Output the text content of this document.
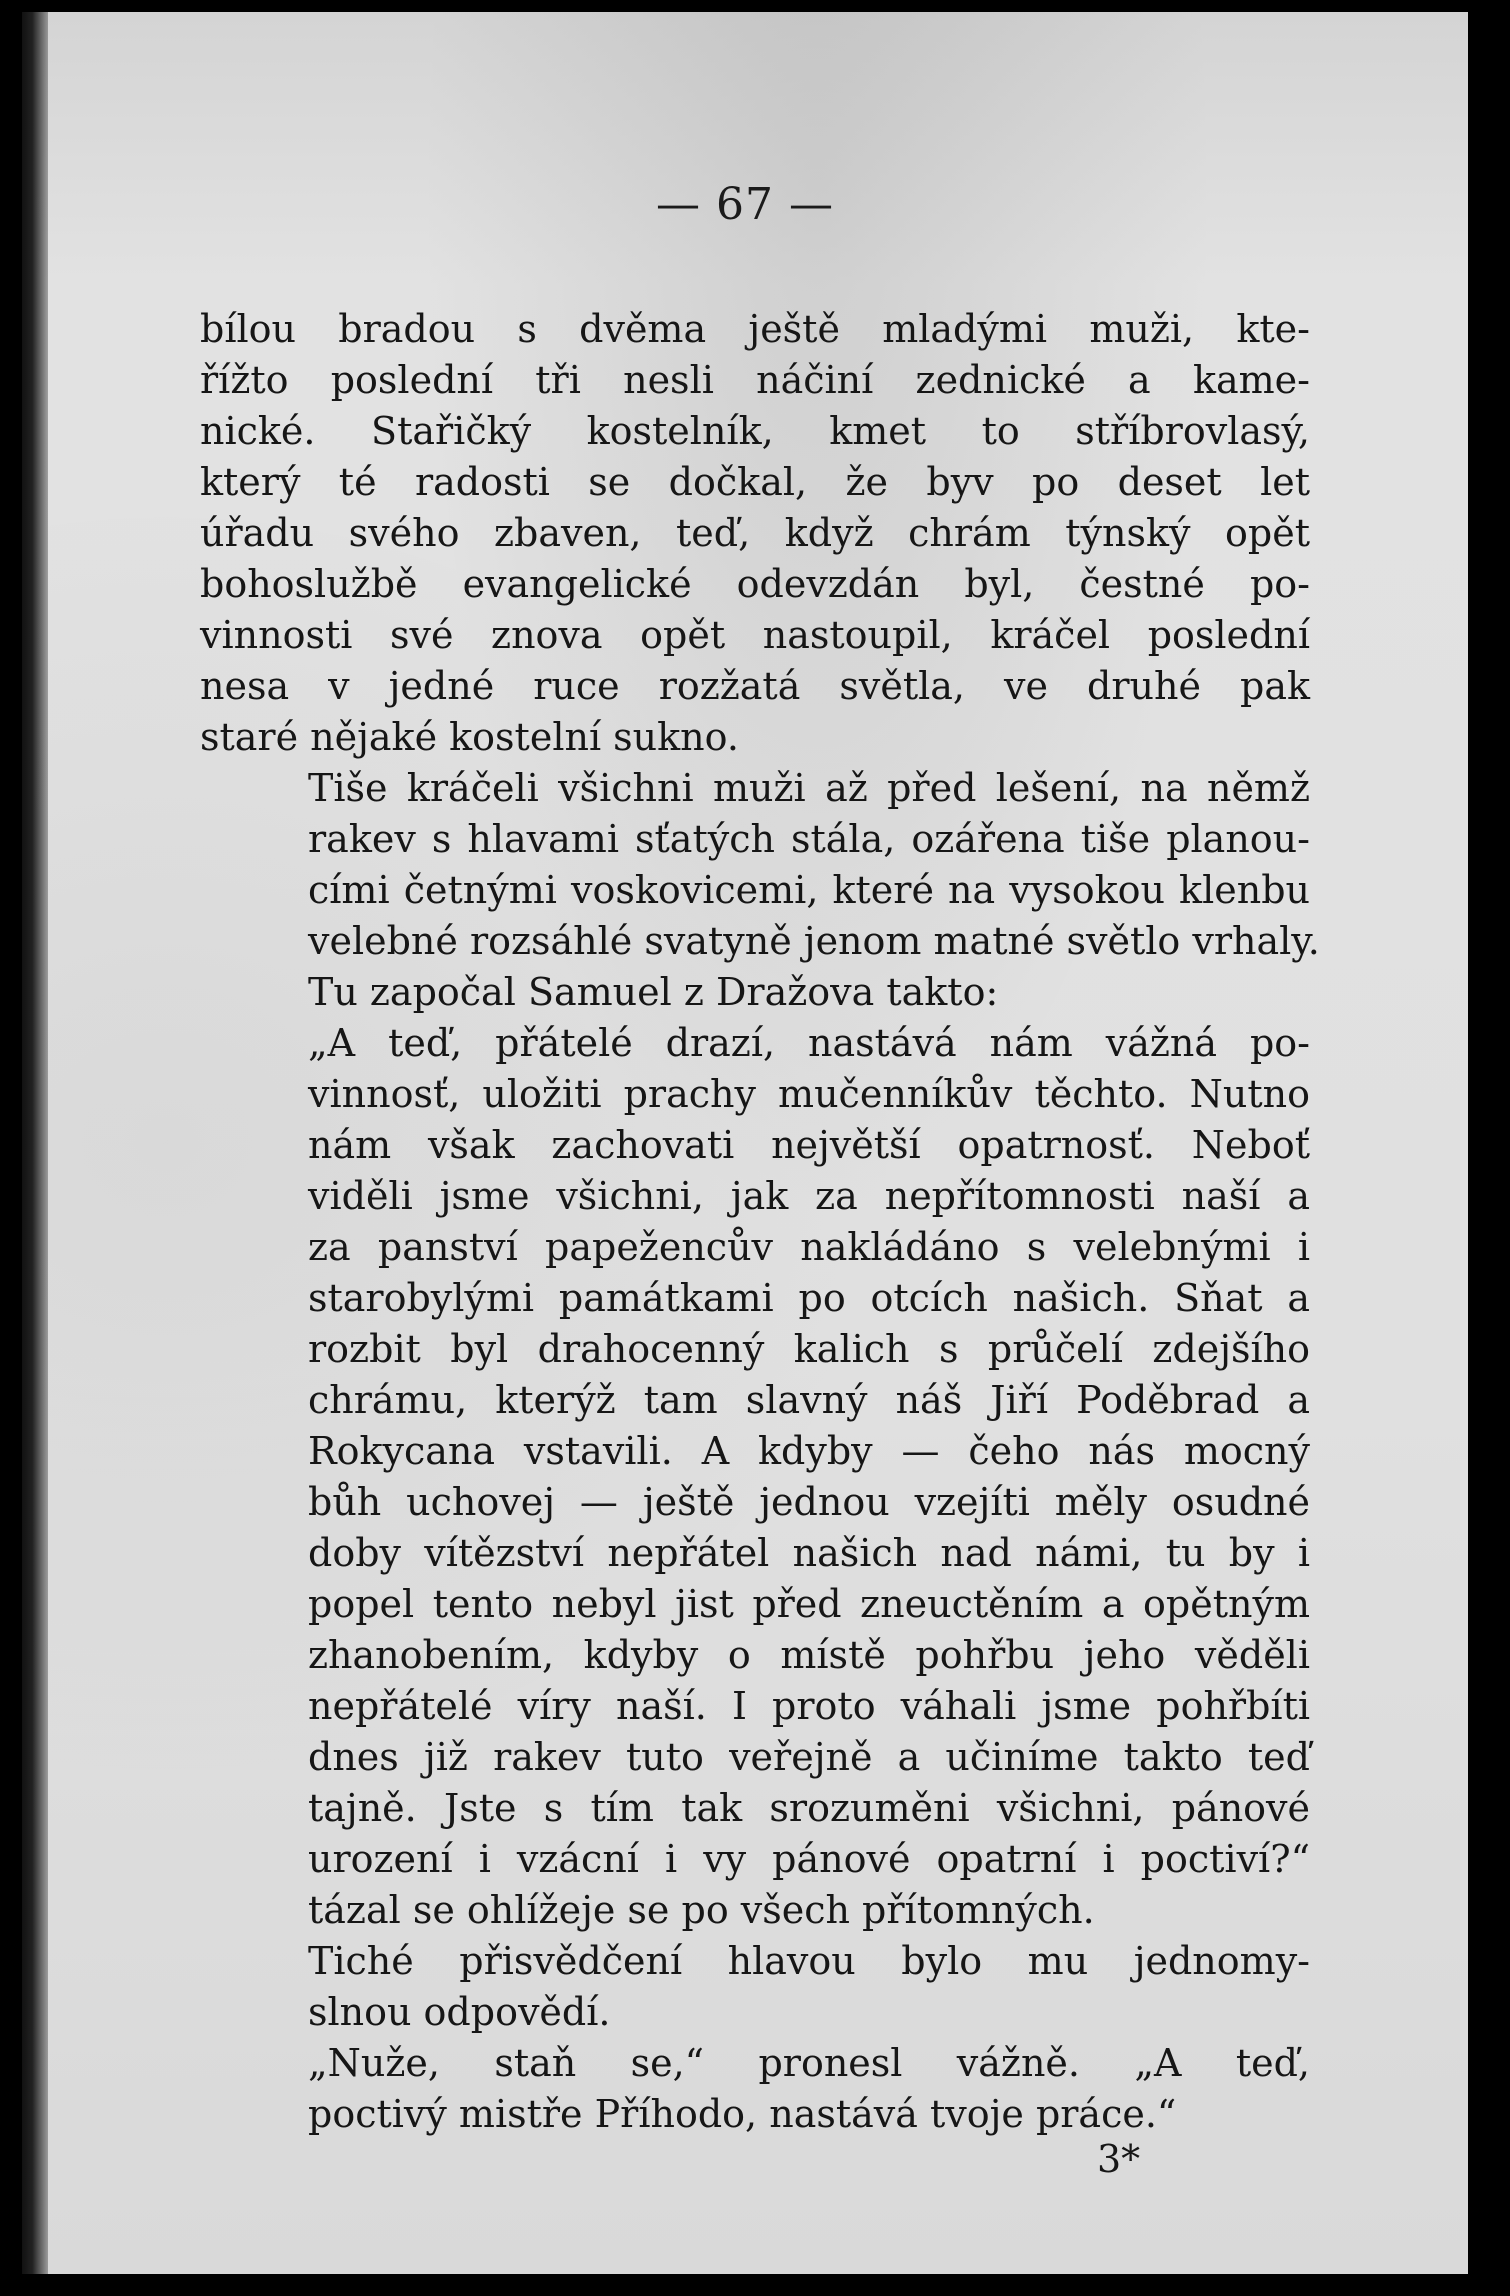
— 67 —

bílou bradou s dvěma ještě mladými muži, kte-
řížto poslední tři nesli náčiní zednické a kame-
nické. Stařičký kostelník, kmet to stříbrovlasý,
který té radosti se dočkal, že byv po deset let
úřadu svého zbaven, teď, když chrám týnský opět
bohoslužbě evangelické odevzdán byl, čestné po-
vinnosti své znova opět nastoupil, kráčel poslední
nesa v jedné ruce rozžatá světla, ve druhé pak
staré nějaké kostelní sukno.

Tiše kráčeli všichni muži až před lešení, na němž
rakev s hlavami sťatých stála, ozářena tiše planou-
cími četnými voskovicemi, které na vysokou klenbu
velebné rozsáhlé svatyně jenom matné světlo vrhaly.

Tu započal Samuel z Dražova takto:

„A teď, přátelé drazí, nastává nám vážná po-
vinnosť, uložiti prachy mučenníkův těchto. Nutno
nám však zachovati největší opatrnosť. Neboť
viděli jsme všichni, jak za nepřítomnosti naší a
za panství papežencův nakládáno s velebnými i
starobylými památkami po otcích našich. Sňat a
rozbit byl drahocenný kalich s průčelí zdejšího
chrámu, kterýž tam slavný náš Jiří Poděbrad a
Rokycana vstavili. A kdyby — čeho nás mocný
bůh uchovej — ještě jednou vzejíti měly osudné
doby vítězství nepřátel našich nad námi, tu by i
popel tento nebyl jist před zneuctěním a opětným
zhanobením, kdyby o místě pohřbu jeho věděli
nepřátelé víry naší. I proto váhali jsme pohřbíti
dnes již rakev tuto veřejně a učiníme takto teď
tajně. Jste s tím tak srozuměni všichni, pánové
urození i vzácní i vy pánové opatrní i poctiví?“
tázal se ohlížeje se po všech přítomných.

Tiché přisvědčení hlavou bylo mu jednomy-
slnou odpovědí.

„Nuže, staň se,“ pronesl vážně. „A teď,
poctivý mistře Příhodo, nastává tvoje práce.“

3*
